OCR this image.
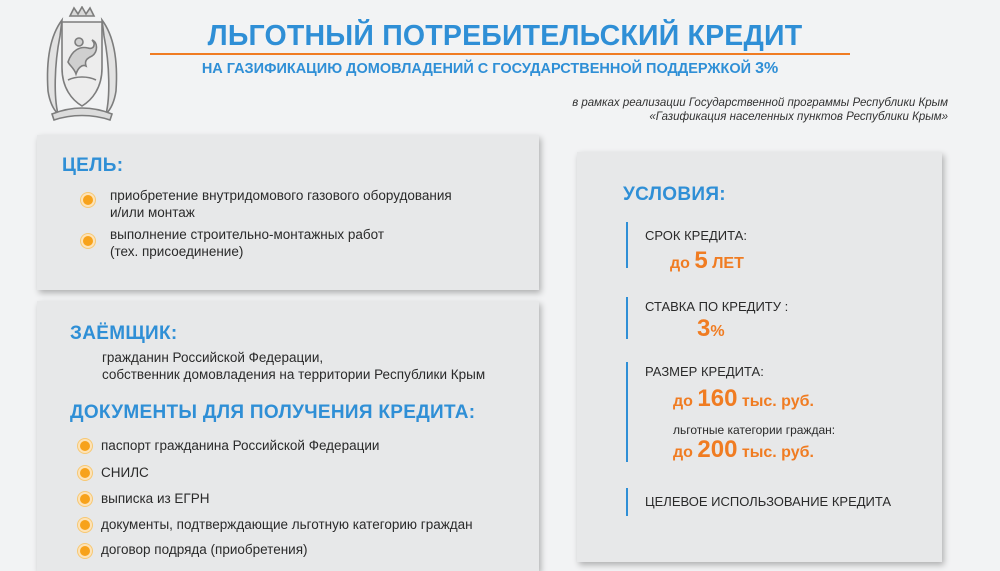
ЛЬГОТНЫЙ ПОТРЕБИТЕЛЬСКИЙ КРЕДИТ
НА ГАЗИФИКАЦИЮ ДОМОВЛАДЕНИЙ С ГОСУДАРСТВЕННОЙ ПОДДЕРЖКОЙ 3%
в рамках реализации Государственной программы Республики Крым
«Газификация населенных пунктов Республики Крым»
ЦЕЛЬ:
приобретение внутридомового газового оборудования
и/или монтаж
выполнение строительно-монтажных работ
(тех. присоединение)
ЗАЁМЩИК:
гражданин Российской Федерации,
собственник домовладения на территории Республики Крым
ДОКУМЕНТЫ ДЛЯ ПОЛУЧЕНИЯ КРЕДИТА:
паспорт гражданина Российской Федерации
СНИЛС
выписка из ЕГРН
документы, подтверждающие льготную категорию граждан
договор подряда (приобретения)
УСЛОВИЯ:
СРОК КРЕДИТА:
до 5 ЛЕТ
СТАВКА ПО КРЕДИТУ :
3%
РАЗМЕР КРЕДИТА:
до 160 тыс. руб.
льготные категории граждан:
до 200 тыс. руб.
ЦЕЛЕВОЕ ИСПОЛЬЗОВАНИЕ КРЕДИТА
